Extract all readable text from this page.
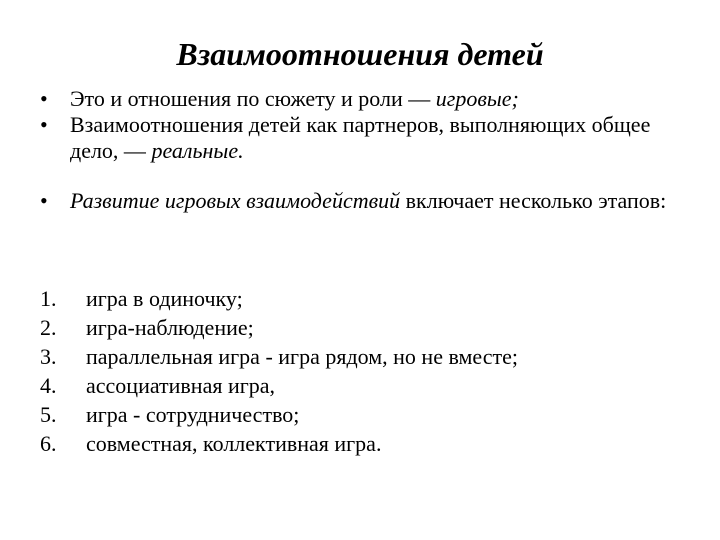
Взаимоотношения детей
•	Это и отношения по сюжету и роли — игровые;
•	Взаимоотношения детей как партнеров, выполняющих общее дело, — реальные.
•	Развитие игровых взаимодействий включает несколько этапов:
1.	игра в одиночку;
2.	игра-наблюдение;
3.	параллельная игра - игра рядом, но не вместе;
4.	ассоциативная игра,
5.	игра - сотрудничество;
6.	совместная, коллективная игра.
